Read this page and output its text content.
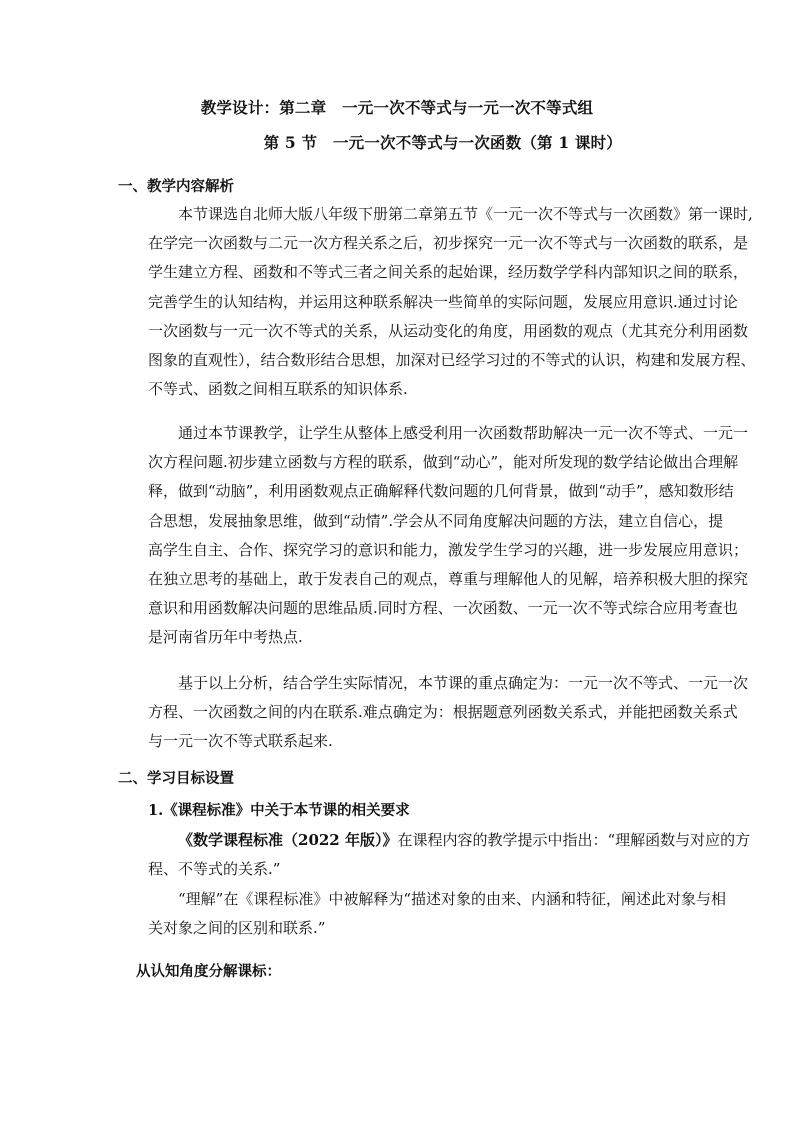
教学设计：第二章　一元一次不等式与一元一次不等式组
第 5 节　一元一次不等式与一次函数（第 1 课时）
一、教学内容解析
本节课选自北师大版八年级下册第二章第五节《一元一次不等式与一次函数》第一课时,
在学完一次函数与二元一次方程关系之后，初步探究一元一次不等式与一次函数的联系，是
学生建立方程、函数和不等式三者之间关系的起始课，经历数学学科内部知识之间的联系，
完善学生的认知结构，并运用这种联系解决一些简单的实际问题，发展应用意识.通过讨论
一次函数与一元一次不等式的关系，从运动变化的角度，用函数的观点（尤其充分利用函数
图象的直观性），结合数形结合思想，加深对已经学习过的不等式的认识，构建和发展方程、
不等式、函数之间相互联系的知识体系.
通过本节课教学，让学生从整体上感受利用一次函数帮助解决一元一次不等式、一元一
次方程问题.初步建立函数与方程的联系，做到“动心”，能对所发现的数学结论做出合理解
释，做到“动脑”，利用函数观点正确解释代数问题的几何背景，做到“动手”，感知数形结
合思想，发展抽象思维，做到“动情”.学会从不同角度解决问题的方法，建立自信心，提
高学生自主、合作、探究学习的意识和能力，激发学生学习的兴趣，进一步发展应用意识；
在独立思考的基础上，敢于发表自己的观点，尊重与理解他人的见解，培养积极大胆的探究
意识和用函数解决问题的思维品质.同时方程、一次函数、一元一次不等式综合应用考查也
是河南省历年中考热点.
基于以上分析，结合学生实际情况，本节课的重点确定为：一元一次不等式、一元一次
方程、一次函数之间的内在联系.难点确定为：根据题意列函数关系式，并能把函数关系式
与一元一次不等式联系起来.
二、学习目标设置
1.《课程标准》中关于本节课的相关要求
《数学课程标准（2022 年版）》在课程内容的教学提示中指出：“理解函数与对应的方
程、不等式的关系.”
“理解”在《课程标准》中被解释为“描述对象的由来、内涵和特征，阐述此对象与相
关对象之间的区别和联系.”
从认知角度分解课标：
